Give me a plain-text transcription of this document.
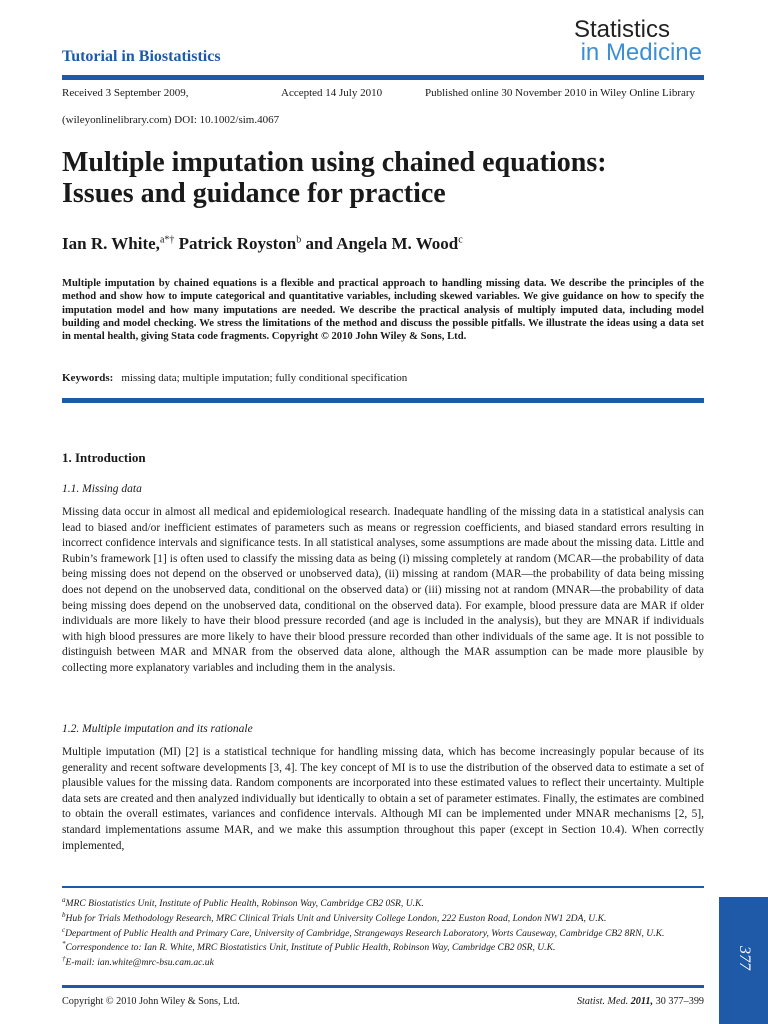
Tutorial in Biostatistics
Statistics
in Medicine
Received 3 September 2009,	Accepted 14 July 2010	Published online 30 November 2010 in Wiley Online Library
(wileyonlinelibrary.com) DOI: 10.1002/sim.4067
Multiple imputation using chained equations:
Issues and guidance for practice
Ian R. White,$^{a*\dagger}$ Patrick Royston$^b$ and Angela M. Wood$^c$
Multiple imputation by chained equations is a flexible and practical approach to handling missing data. We describe the principles of the method and show how to impute categorical and quantitative variables, including skewed variables. We give guidance on how to specify the imputation model and how many imputations are needed. We describe the practical analysis of multiply imputed data, including model building and model checking. We stress the limitations of the method and discuss the possible pitfalls. We illustrate the ideas using a data set in mental health, giving Stata code fragments. Copyright © 2010 John Wiley & Sons, Ltd.
Keywords: missing data; multiple imputation; fully conditional specification
1. Introduction
1.1. Missing data
Missing data occur in almost all medical and epidemiological research. Inadequate handling of the missing data in a statistical analysis can lead to biased and/or inefficient estimates of parameters such as means or regression coefficients, and biased standard errors resulting in incorrect confidence intervals and significance tests. In all statistical analyses, some assumptions are made about the missing data. Little and Rubin’s framework [1] is often used to classify the missing data as being (i) missing completely at random (MCAR—the probability of data being missing does not depend on the observed or unobserved data), (ii) missing at random (MAR—the probability of data being missing does not depend on the unobserved data, conditional on the observed data) or (iii) missing not at random (MNAR—the probability of data being missing does depend on the unobserved data, conditional on the observed data). For example, blood pressure data are MAR if older individuals are more likely to have their blood pressure recorded (and age is included in the analysis), but they are MNAR if individuals with high blood pressures are more likely to have their blood pressure recorded than other individuals of the same age. It is not possible to distinguish between MAR and MNAR from the observed data alone, although the MAR assumption can be made more plausible by collecting more explanatory variables and including them in the analysis.
1.2. Multiple imputation and its rationale
Multiple imputation (MI) [2] is a statistical technique for handling missing data, which has become increasingly popular because of its generality and recent software developments [3, 4]. The key concept of MI is to use the distribution of the observed data to estimate a set of plausible values for the missing data. Random components are incorporated into these estimated values to reflect their uncertainty. Multiple data sets are created and then analyzed individually but identically to obtain a set of parameter estimates. Finally, the estimates are combined to obtain the overall estimates, variances and confidence intervals. Although MI can be implemented under MNAR mechanisms [2, 5], standard implementations assume MAR, and we make this assumption throughout this paper (except in Section 10.4). When correctly implemented,
$^a$MRC Biostatistics Unit, Institute of Public Health, Robinson Way, Cambridge CB2 0SR, U.K.
$^b$Hub for Trials Methodology Research, MRC Clinical Trials Unit and University College London, 222 Euston Road, London NW1 2DA, U.K.
$^c$Department of Public Health and Primary Care, University of Cambridge, Strangeways Research Laboratory, Worts Causeway, Cambridge CB2 8RN, U.K.
*Correspondence to: Ian R. White, MRC Biostatistics Unit, Institute of Public Health, Robinson Way, Cambridge CB2 0SR, U.K.
†E-mail: ian.white@mrc-bsu.cam.ac.uk
Copyright © 2010 John Wiley & Sons, Ltd.	Statist. Med. 2011, 30 377–399
377
